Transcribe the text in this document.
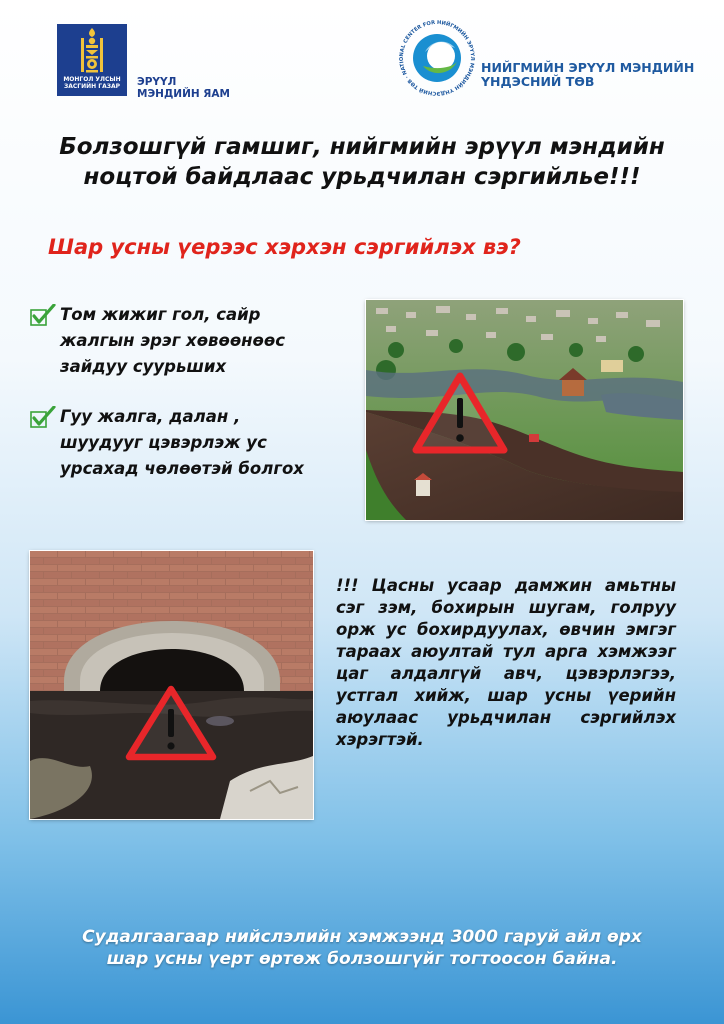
МОНГОЛ УЛСЫН ЗАСГИЙН ГАЗАР	ЭРҮҮЛ
МЭНДИЙН ЯАМ
НИЙГМИЙН ЭРҮҮЛ МЭНДИЙН ҮНДЭСНИЙ ТӨВ · NATIONAL CENTER FOR
НИЙГМИЙН ЭРҮҮЛ МЭНДИЙН
ҮНДЭСНИЙ ТӨВ
Болзошгүй гамшиг, нийгмийн эрүүл мэндийн
ноцтой байдлаас урьдчилан сэргийлье!!!
Шар усны үерээс хэрхэн сэргийлэх вэ?
Том жижиг гол, сайр
жалгын эрэг хөвөөнөөс
зайдуу суурьших
Гуу жалга, далан ,
шуудууг цэвэрлэж ус
урсахад чөлөөтэй болгох
!!! Цасны усаар дамжин амьтны сэг зэм, бохирын шугам, голруу орж ус бохирдуулах, өвчин эмгэг тараах аюултай тул арга хэмжээг цаг алдалгүй авч, цэвэрлэгээ, устгал хийж, шар усны үерийн аюулаас урьдчилан сэргийлэх хэрэгтэй.
Судалгаагаар нийслэлийн хэмжээнд 3000 гаруй айл өрх
шар усны үерт өртөж болзошгүйг тогтоосон байна.
